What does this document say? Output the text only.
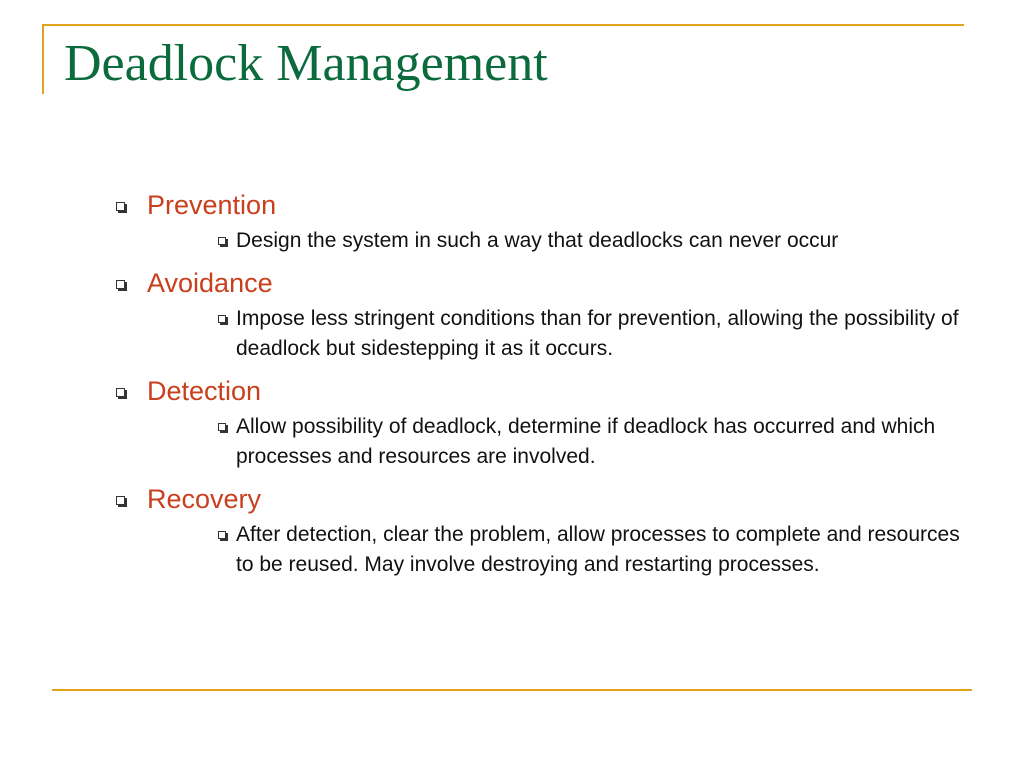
Deadlock Management
Prevention
Design the system in such a way that deadlocks can never occur
Avoidance
Impose less stringent conditions than for prevention, allowing the possibility of deadlock but sidestepping it as it occurs.
Detection
Allow possibility of deadlock, determine if deadlock has occurred and which processes and resources are involved.
Recovery
After detection, clear the problem, allow processes to complete and resources to be reused. May involve destroying and restarting processes.
